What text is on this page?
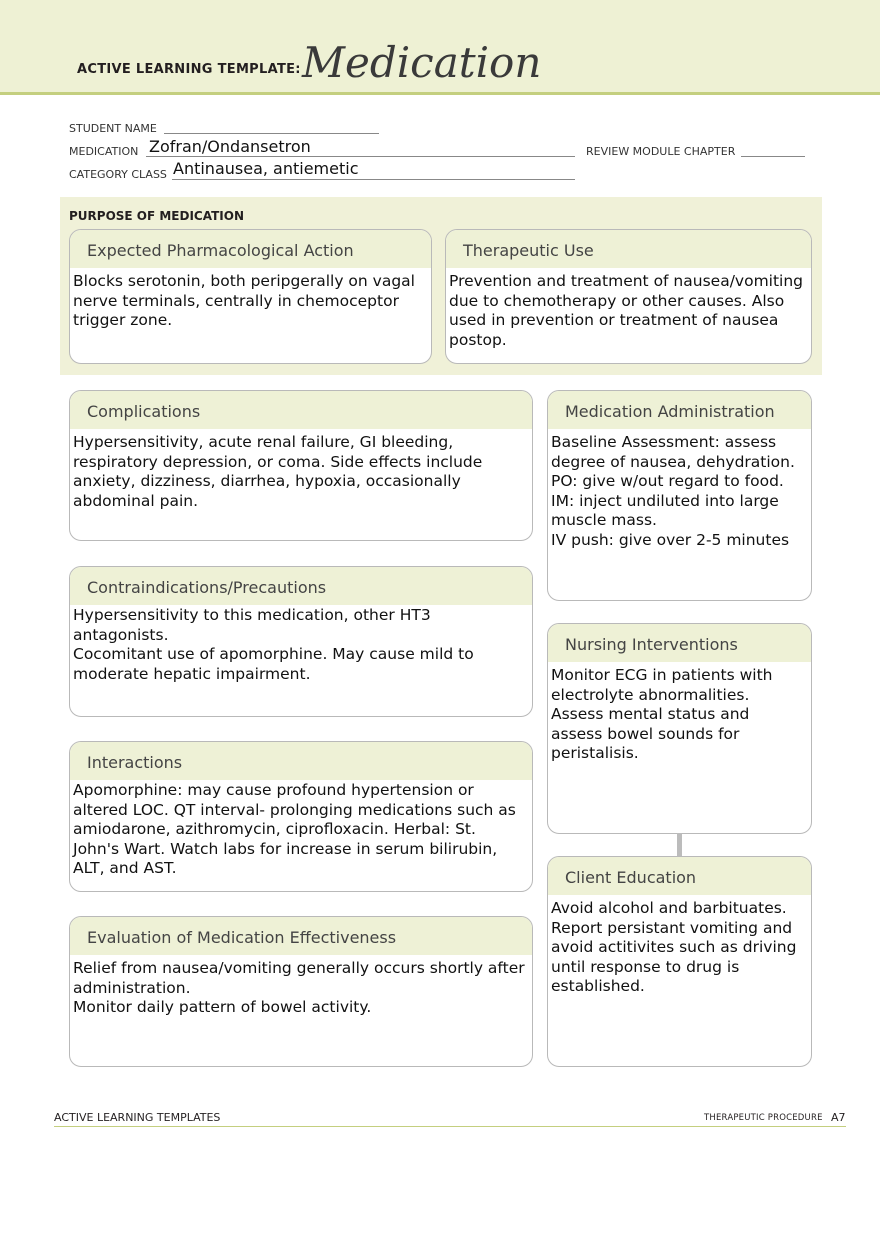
ACTIVE LEARNING TEMPLATE: Medication
STUDENT NAME
MEDICATION Zofran/Ondansetron	REVIEW MODULE CHAPTER
CATEGORY CLASS Antinausea, antiemetic
PURPOSE OF MEDICATION
Expected Pharmacological Action
Blocks serotonin, both peripgerally on vagal
nerve terminals, centrally in chemoceptor
trigger zone.
Therapeutic Use
Prevention and treatment of nausea/vomiting
due to chemotherapy or other causes. Also
used in prevention or treatment of nausea
postop.
Complications
Hypersensitivity, acute renal failure, GI bleeding,
respiratory depression, or coma. Side effects include
anxiety, dizziness, diarrhea, hypoxia, occasionally
abdominal pain.
Contraindications/Precautions
Hypersensitivity to this medication, other HT3 antagonists.
Cocomitant use of apomorphine. May cause mild to
moderate hepatic impairment.
Interactions
Apomorphine: may cause profound hypertension or
altered LOC. QT interval- prolonging medications such as
amiodarone, azithromycin, ciprofloxacin. Herbal: St.
John's Wart. Watch labs for increase in serum bilirubin,
ALT, and AST.
Evaluation of Medication Effectiveness
Relief from nausea/vomiting generally occurs shortly after
administration.
Monitor daily pattern of bowel activity.
Medication Administration
Baseline Assessment: assess
degree of nausea, dehydration.
PO: give w/out regard to food.
IM: inject undiluted into large
muscle mass.
IV push: give over 2-5 minutes
Nursing Interventions
Monitor ECG in patients with
electrolyte abnormalities.
Assess mental status and
assess bowel sounds for
peristalisis.
Client Education
Avoid alcohol and barbituates.
Report persistant vomiting and
avoid actitivites such as driving
until response to drug is
established.
ACTIVE LEARNING TEMPLATES	THERAPEUTIC PROCEDURE A7
